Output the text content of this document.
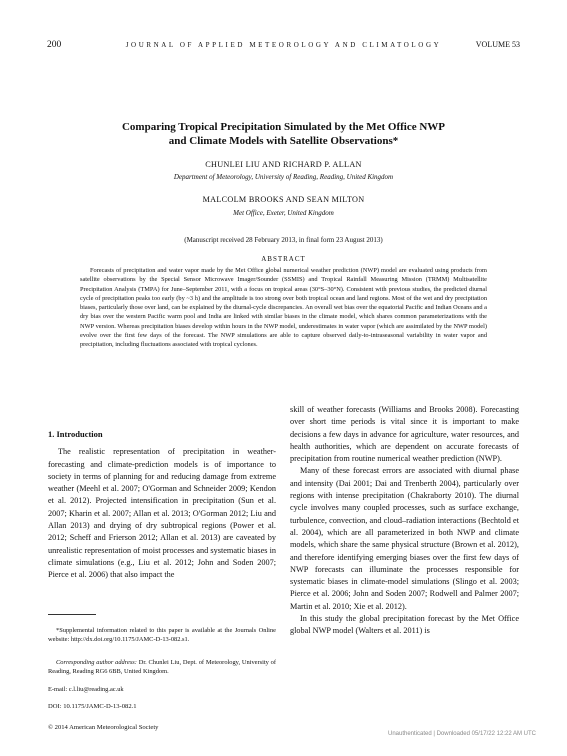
200	JOURNAL OF APPLIED METEOROLOGY AND CLIMATOLOGY	VOLUME 53
Comparing Tropical Precipitation Simulated by the Met Office NWP
and Climate Models with Satellite Observations*
CHUNLEI LIU AND RICHARD P. ALLAN
Department of Meteorology, University of Reading, Reading, United Kingdom
MALCOLM BROOKS AND SEAN MILTON
Met Office, Exeter, United Kingdom
(Manuscript received 28 February 2013, in final form 23 August 2013)
ABSTRACT
Forecasts of precipitation and water vapor made by the Met Office global numerical weather prediction (NWP) model are evaluated using products from satellite observations by the Special Sensor Microwave Imager/Sounder (SSMIS) and Tropical Rainfall Measuring Mission (TRMM) Multisatellite Precipitation Analysis (TMPA) for June–September 2011, with a focus on tropical areas (30°S–30°N). Consistent with previous studies, the predicted diurnal cycle of precipitation peaks too early (by ~3 h) and the amplitude is too strong over both tropical ocean and land regions. Most of the wet and dry precipitation biases, particularly those over land, can be explained by the diurnal-cycle discrepancies. An overall wet bias over the equatorial Pacific and Indian Oceans and a dry bias over the western Pacific warm pool and India are linked with similar biases in the climate model, which shares common parameterizations with the NWP version. Whereas precipitation biases develop within hours in the NWP model, underestimates in water vapor (which are assimilated by the NWP model) evolve over the first few days of the forecast. The NWP simulations are able to capture observed daily-to-intraseasonal variability in water vapor and precipitation, including fluctuations associated with tropical cyclones.
1. Introduction

The realistic representation of precipitation in weather-forecasting and climate-prediction models is of importance to society in terms of planning for and reducing damage from extreme weather (Meehl et al. 2007; O'Gorman and Schneider 2009; Kendon et al. 2012). Projected intensification in precipitation (Sun et al. 2007; Kharin et al. 2007; Allan et al. 2013; O'Gorman 2012; Liu and Allan 2013) and drying of dry subtropical regions (Power et al. 2012; Scheff and Frierson 2012; Allan et al. 2013) are caveated by unrealistic representation of moist processes and systematic biases in climate simulations (e.g., Liu et al. 2012; John and Soden 2007; Pierce et al. 2006) that also impact the

skill of weather forecasts (Williams and Brooks 2008). Forecasting over short time periods is vital since it is important to make decisions a few days in advance for agriculture, water resources, and health authorities, which are dependent on accurate forecasts of precipitation from routine numerical weather prediction (NWP).

Many of these forecast errors are associated with diurnal phase and intensity (Dai 2001; Dai and Trenberth 2004), particularly over regions with intense precipitation (Chakraborty 2010). The diurnal cycle involves many coupled processes, such as surface exchange, turbulence, convection, and cloud–radiation interactions (Bechtold et al. 2004), which are all parameterized in both NWP and climate models, which share the same physical structure (Brown et al. 2012), and therefore identifying emerging biases over the first few days of NWP forecasts can illuminate the processes responsible for systematic biases in climate-model simulations (Slingo et al. 2003; Pierce et al. 2006; John and Soden 2007; Rodwell and Palmer 2007; Martin et al. 2010; Xie et al. 2012).

In this study the global precipitation forecast by the Met Office global NWP model (Walters et al. 2011) is

*Supplemental information related to this paper is available at the Journals Online website: http://dx.doi.org/10.1175/JAMC-D-13-082.s1.
Corresponding author address: Dr. Chunlei Liu, Dept. of Meteorology, University of Reading, Reading RG6 6BB, United Kingdom.
E-mail: c.l.liu@reading.ac.uk
DOI: 10.1175/JAMC-D-13-082.1
© 2014 American Meteorological Society
Unauthenticated | Downloaded 05/17/22 12:22 AM UTC
